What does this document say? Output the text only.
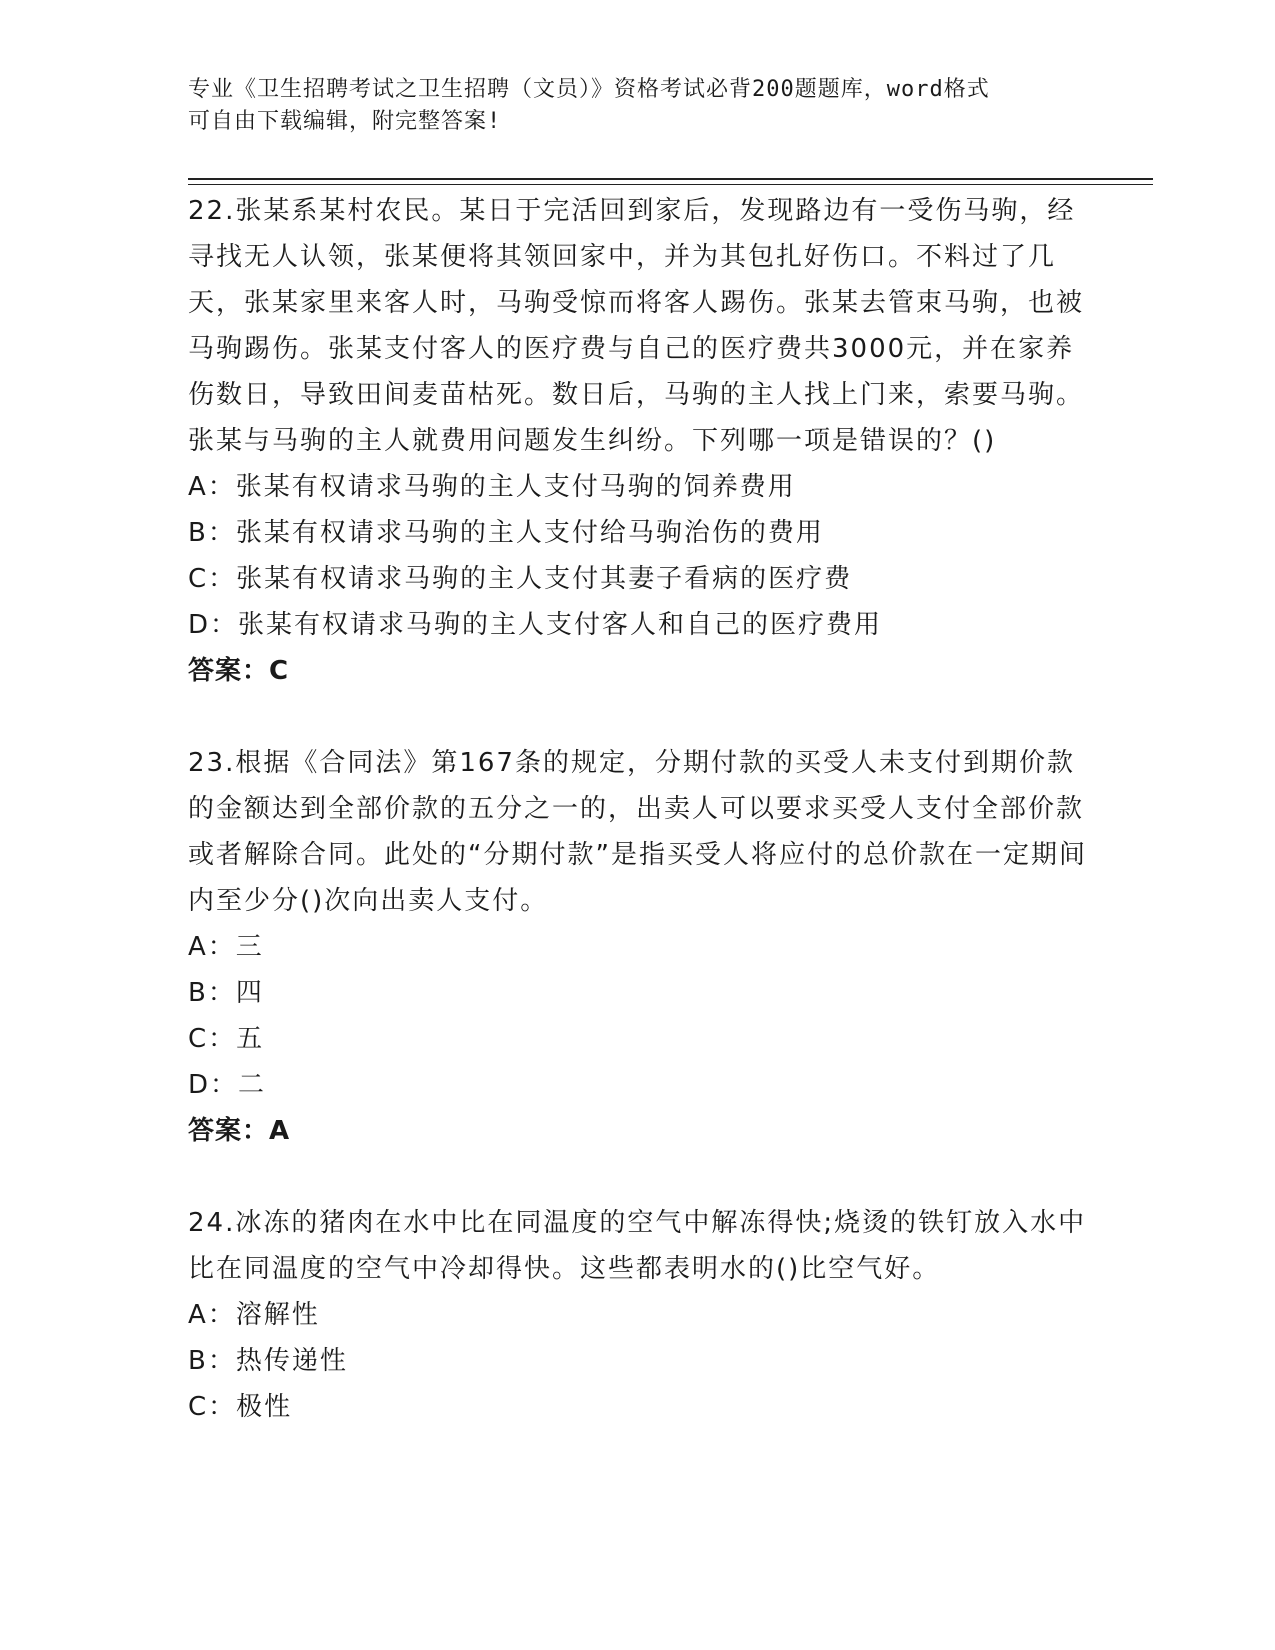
专业《卫生招聘考试之卫生招聘（文员）》资格考试必背200题题库，word格式
可自由下载编辑，附完整答案!

22.张某系某村农民。某日于完活回到家后，发现路边有一受伤马驹，经寻找无人认领，张某便将其领回家中，并为其包扎好伤口。不料过了几天，张某家里来客人时，马驹受惊而将客人踢伤。张某去管束马驹，也被马驹踢伤。张某支付客人的医疗费与自己的医疗费共3000元，并在家养伤数日，导致田间麦苗枯死。数日后，马驹的主人找上门来，索要马驹。张某与马驹的主人就费用问题发生纠纷。下列哪一项是错误的？()

A：张某有权请求马驹的主人支付马驹的饲养费用

B：张某有权请求马驹的主人支付给马驹治伤的费用

C：张某有权请求马驹的主人支付其妻子看病的医疗费

D：张某有权请求马驹的主人支付客人和自己的医疗费用

答案：C

23.根据《合同法》第167条的规定，分期付款的买受人未支付到期价款的金额达到全部价款的五分之一的，出卖人可以要求买受人支付全部价款或者解除合同。此处的“分期付款”是指买受人将应付的总价款在一定期间内至少分()次向出卖人支付。

A：三

B：四

C：五

D：二

答案：A

24.冰冻的猪肉在水中比在同温度的空气中解冻得快;烧烫的铁钉放入水中比在同温度的空气中冷却得快。这些都表明水的()比空气好。

A：溶解性

B：热传递性

C：极性
